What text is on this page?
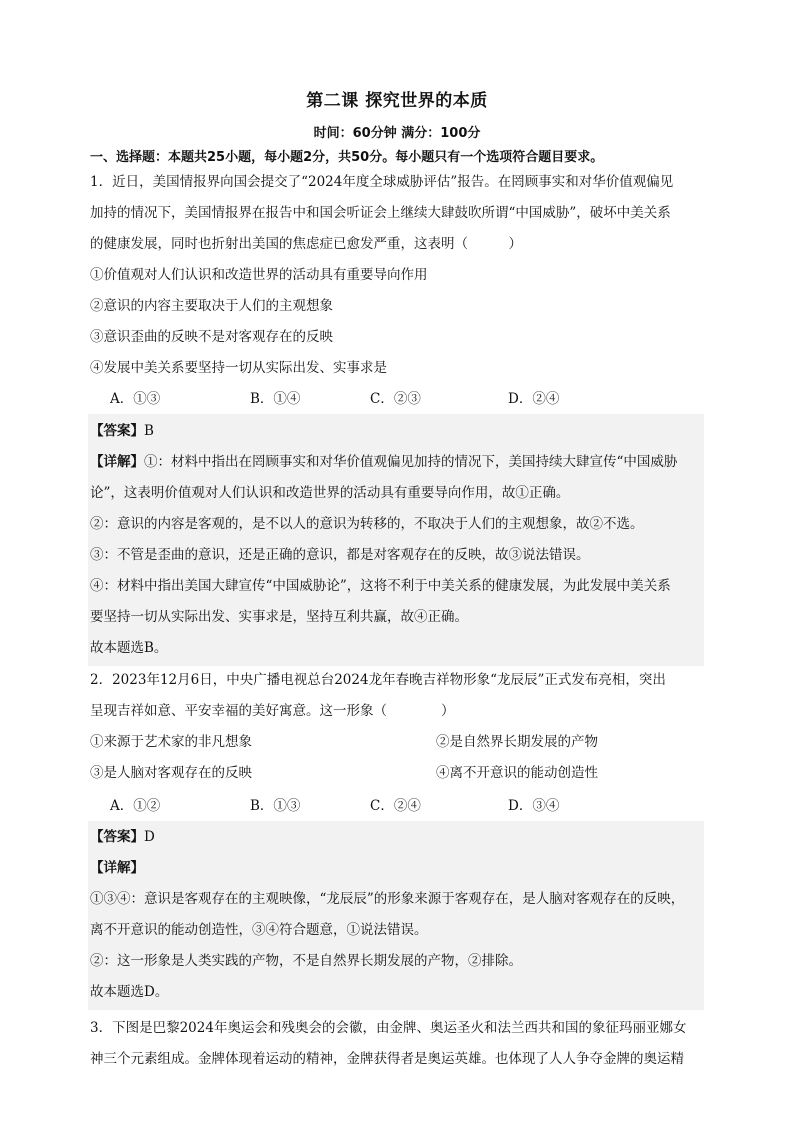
第二课 探究世界的本质
时间：60分钟 满分：100分
一、选择题：本题共25小题，每小题2分，共50分。每小题只有一个选项符合题目要求。
1．近日，美国情报界向国会提交了“2024年度全球威胁评估”报告。在罔顾事实和对华价值观偏见
加持的情况下，美国情报界在报告中和国会听证会上继续大肆鼓吹所谓“中国威胁”，破坏中美关系
的健康发展，同时也折射出美国的焦虑症已愈发严重，这表明（　　　）
①价值观对人们认识和改造世界的活动具有重要导向作用
②意识的内容主要取决于人们的主观想象
③意识歪曲的反映不是对客观存在的反映
④发展中美关系要坚持一切从实际出发、实事求是
A．①③	B．①④	C．②③	D．②④
【答案】B
【详解】①：材料中指出在罔顾事实和对华价值观偏见加持的情况下，美国持续大肆宣传“中国威胁
论”，这表明价值观对人们认识和改造世界的活动具有重要导向作用，故①正确。
②：意识的内容是客观的，是不以人的意识为转移的，不取决于人们的主观想象，故②不选。
③：不管是歪曲的意识，还是正确的意识，都是对客观存在的反映，故③说法错误。
④：材料中指出美国大肆宣传“中国威胁论”，这将不利于中美关系的健康发展，为此发展中美关系
要坚持一切从实际出发、实事求是，坚持互利共赢，故④正确。
故本题选B。
2．2023年12月6日，中央广播电视总台2024龙年春晚吉祥物形象“龙辰辰”正式发布亮相，突出
呈现吉祥如意、平安幸福的美好寓意。这一形象（　　　　）
①来源于艺术家的非凡想象	②是自然界长期发展的产物
③是人脑对客观存在的反映	④离不开意识的能动创造性
A．①②	B．①③	C．②④	D．③④
【答案】D
【详解】
①③④：意识是客观存在的主观映像，“龙辰辰”的形象来源于客观存在，是人脑对客观存在的反映，
离不开意识的能动创造性，③④符合题意，①说法错误。
②：这一形象是人类实践的产物，不是自然界长期发展的产物，②排除。
故本题选D。
3．下图是巴黎2024年奥运会和残奥会的会徽，由金牌、奥运圣火和法兰西共和国的象征玛丽亚娜女
神三个元素组成。金牌体现着运动的精神，金牌获得者是奥运英雄。也体现了人人争夺金牌的奥运精
